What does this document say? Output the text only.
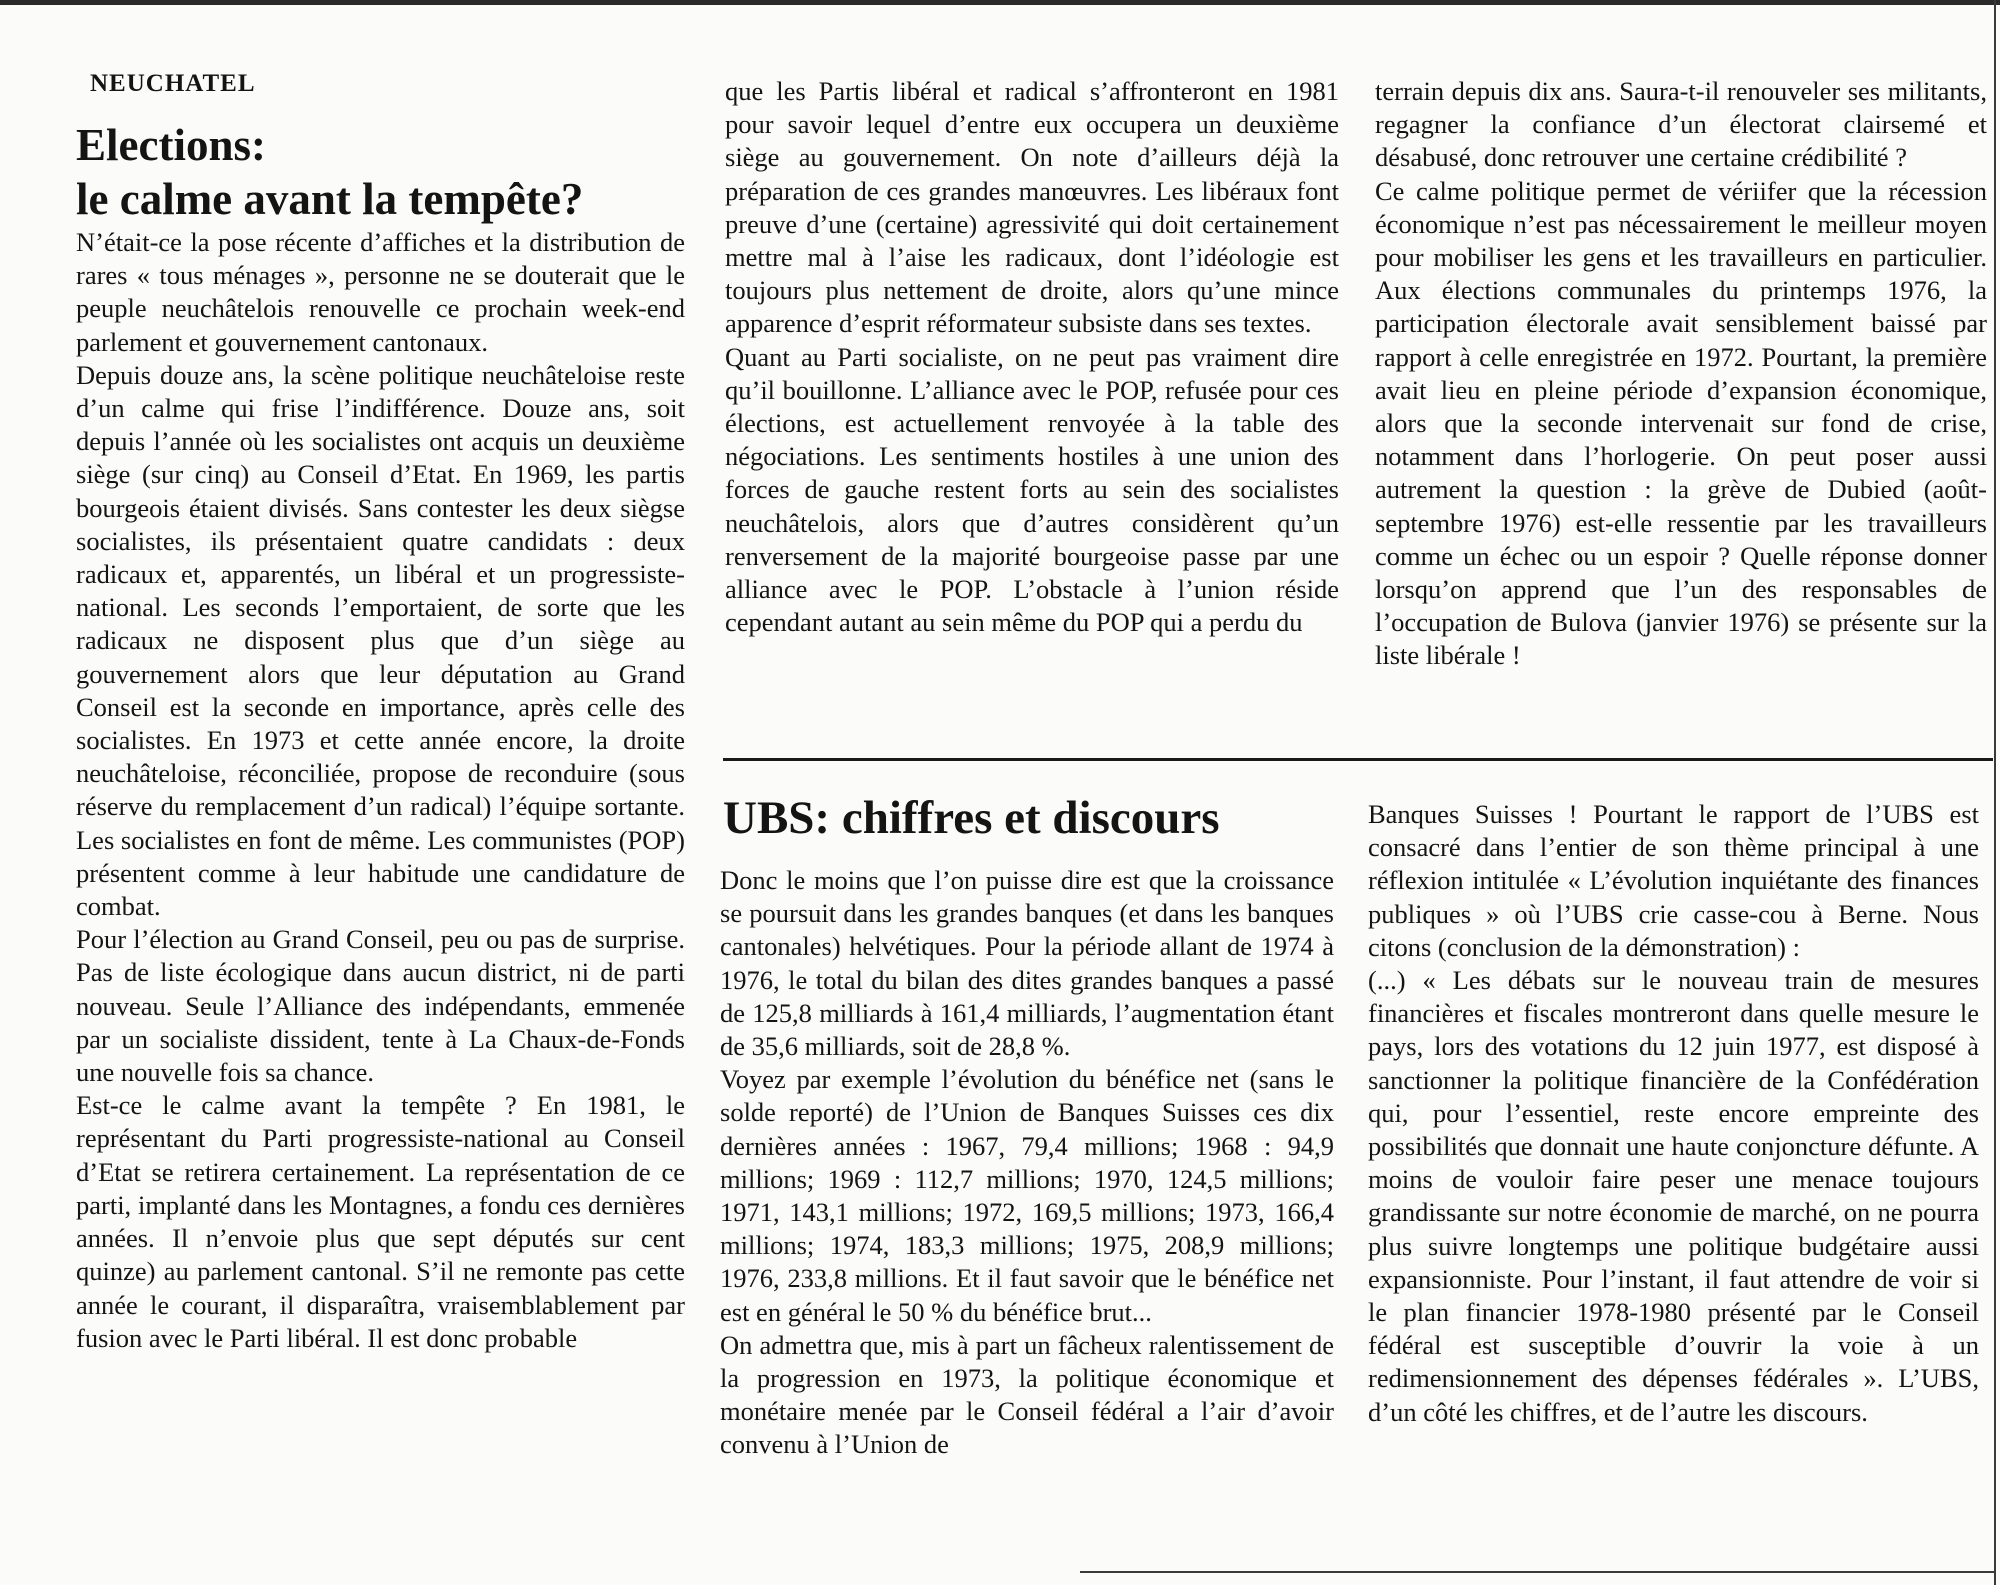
NEUCHATEL
Elections:
le calme avant la tempête?

N’était-ce la pose récente d’affiches et la distribution de rares « tous ménages », personne ne se douterait que le peuple neuchâtelois renouvelle ce prochain week-end parlement et gouvernement cantonaux.

Depuis douze ans, la scène politique neuchâteloise reste d’un calme qui frise l’indifférence. Douze ans, soit depuis l’année où les socialistes ont acquis un deuxième siège (sur cinq) au Conseil d’Etat. En 1969, les partis bourgeois étaient divisés. Sans contester les deux siègse socialistes, ils présentaient quatre candidats : deux radicaux et, apparentés, un libéral et un progressiste-national. Les seconds l’emportaient, de sorte que les radicaux ne disposent plus que d’un siège au gouvernement alors que leur députation au Grand Conseil est la seconde en importance, après celle des socialistes. En 1973 et cette année encore, la droite neuchâteloise, réconciliée, propose de reconduire (sous réserve du remplacement d’un radical) l’équipe sortante. Les socialistes en font de même. Les communistes (POP) présentent comme à leur habitude une candidature de combat.

Pour l’élection au Grand Conseil, peu ou pas de surprise. Pas de liste écologique dans aucun district, ni de parti nouveau. Seule l’Alliance des indépendants, emmenée par un socialiste dissident, tente à La Chaux-de-Fonds une nouvelle fois sa chance.

Est-ce le calme avant la tempête ? En 1981, le représentant du Parti progressiste-national au Conseil d’Etat se retirera certainement. La représentation de ce parti, implanté dans les Montagnes, a fondu ces dernières années. Il n’envoie plus que sept députés sur cent quinze) au parlement cantonal. S’il ne remonte pas cette année le courant, il disparaîtra, vraisemblablement par fusion avec le Parti libéral. Il est donc probable

que les Partis libéral et radical s’affronteront en 1981 pour savoir lequel d’entre eux occupera un deuxième siège au gouvernement. On note d’ailleurs déjà la préparation de ces grandes manœuvres. Les libéraux font preuve d’une (certaine) agressivité qui doit certainement mettre mal à l’aise les radicaux, dont l’idéologie est toujours plus nettement de droite, alors qu’une mince apparence d’esprit réformateur subsiste dans ses textes.

Quant au Parti socialiste, on ne peut pas vraiment dire qu’il bouillonne. L’alliance avec le POP, refusée pour ces élections, est actuellement renvoyée à la table des négociations. Les sentiments hostiles à une union des forces de gauche restent forts au sein des socialistes neuchâtelois, alors que d’autres considèrent qu’un renversement de la majorité bourgeoise passe par une alliance avec le POP. L’obstacle à l’union réside cependant autant au sein même du POP qui a perdu du

terrain depuis dix ans. Saura-t-il renouveler ses militants, regagner la confiance d’un électorat clairsemé et désabusé, donc retrouver une certaine crédibilité ?

Ce calme politique permet de vériifer que la récession économique n’est pas nécessairement le meilleur moyen pour mobiliser les gens et les travailleurs en particulier. Aux élections communales du printemps 1976, la participation électorale avait sensiblement baissé par rapport à celle enregistrée en 1972. Pourtant, la première avait lieu en pleine période d’expansion économique, alors que la seconde intervenait sur fond de crise, notamment dans l’horlogerie. On peut poser aussi autrement la question : la grève de Dubied (août-septembre 1976) est-elle ressentie par les travailleurs comme un échec ou un espoir ? Quelle réponse donner lorsqu’on apprend que l’un des responsables de l’occupation de Bulova (janvier 1976) se présente sur la liste libérale !

UBS: chiffres et discours

Donc le moins que l’on puisse dire est que la croissance se poursuit dans les grandes banques (et dans les banques cantonales) helvétiques. Pour la période allant de 1974 à 1976, le total du bilan des dites grandes banques a passé de 125,8 milliards à 161,4 milliards, l’augmentation étant de 35,6 milliards, soit de 28,8 %.

Voyez par exemple l’évolution du bénéfice net (sans le solde reporté) de l’Union de Banques Suisses ces dix dernières années : 1967, 79,4 millions; 1968 : 94,9 millions; 1969 : 112,7 millions; 1970, 124,5 millions; 1971, 143,1 millions; 1972, 169,5 millions; 1973, 166,4 millions; 1974, 183,3 millions; 1975, 208,9 millions; 1976, 233,8 millions. Et il faut savoir que le bénéfice net est en général le 50 % du bénéfice brut...

On admettra que, mis à part un fâcheux ralentissement de la progression en 1973, la politique économique et monétaire menée par le Conseil fédéral a l’air d’avoir convenu à l’Union de

Banques Suisses ! Pourtant le rapport de l’UBS est consacré dans l’entier de son thème principal à une réflexion intitulée « L’évolution inquiétante des finances publiques » où l’UBS crie casse-cou à Berne. Nous citons (conclusion de la démonstration) :

(...) « Les débats sur le nouveau train de mesures financières et fiscales montreront dans quelle mesure le pays, lors des votations du 12 juin 1977, est disposé à sanctionner la politique financière de la Confédération qui, pour l’essentiel, reste encore empreinte des possibilités que donnait une haute conjoncture défunte. A moins de vouloir faire peser une menace toujours grandissante sur notre économie de marché, on ne pourra plus suivre longtemps une politique budgétaire aussi expansionniste. Pour l’instant, il faut attendre de voir si le plan financier 1978-1980 présenté par le Conseil fédéral est susceptible d’ouvrir la voie à un redimensionnement des dépenses fédérales ». L’UBS, d’un côté les chiffres, et de l’autre les discours.
